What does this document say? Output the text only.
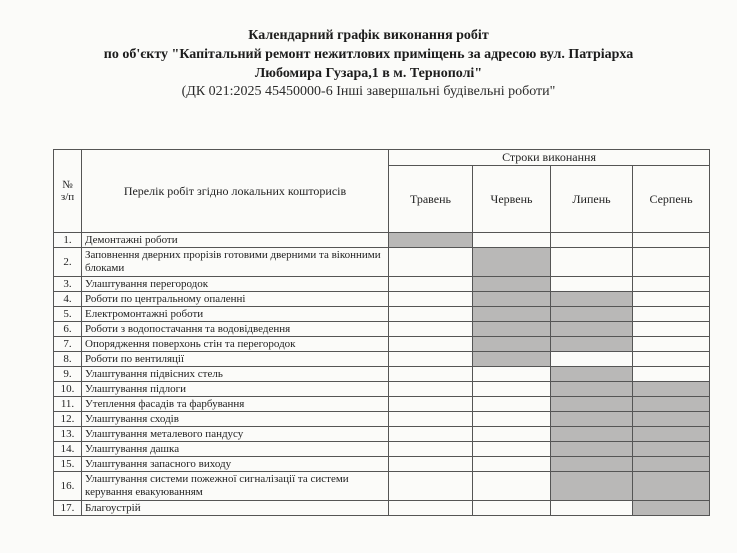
Календарний графік виконання робіт
по об'єкту "Капітальний ремонт нежитлових приміщень за адресою вул. Патріарха
Любомира Гузара,1 в м. Тернополі"
(ДК 021:2025 45450000-6 Інші завершальні будівельні роботи"
№
з/п	Перелік робіт згідно локальних кошторисів	Строки виконання			
		Травень	Червень	Липень	Серпень
1.	Демонтажні роботи				
2.	Заповнення дверних прорізів готовими дверними та віконними блоками				
3.	Улаштування перегородок				
4.	Роботи по центральному опаленні				
5.	Електромонтажні роботи				
6.	Роботи з водопостачання та водовідведення				
7.	Опорядження поверхонь стін та перегородок				
8.	Роботи по вентиляції				
9.	Улаштування підвісних стель				
10.	Улаштування підлоги				
11.	Утеплення фасадів та фарбування				
12.	Улаштування сходів				
13.	Улаштування металевого пандусу				
14.	Улаштування дашка				
15.	Улаштування запасного виходу				
16.	Улаштування системи пожежної сигналізації та системи керування евакуюванням				
17.	Благоустрій				
